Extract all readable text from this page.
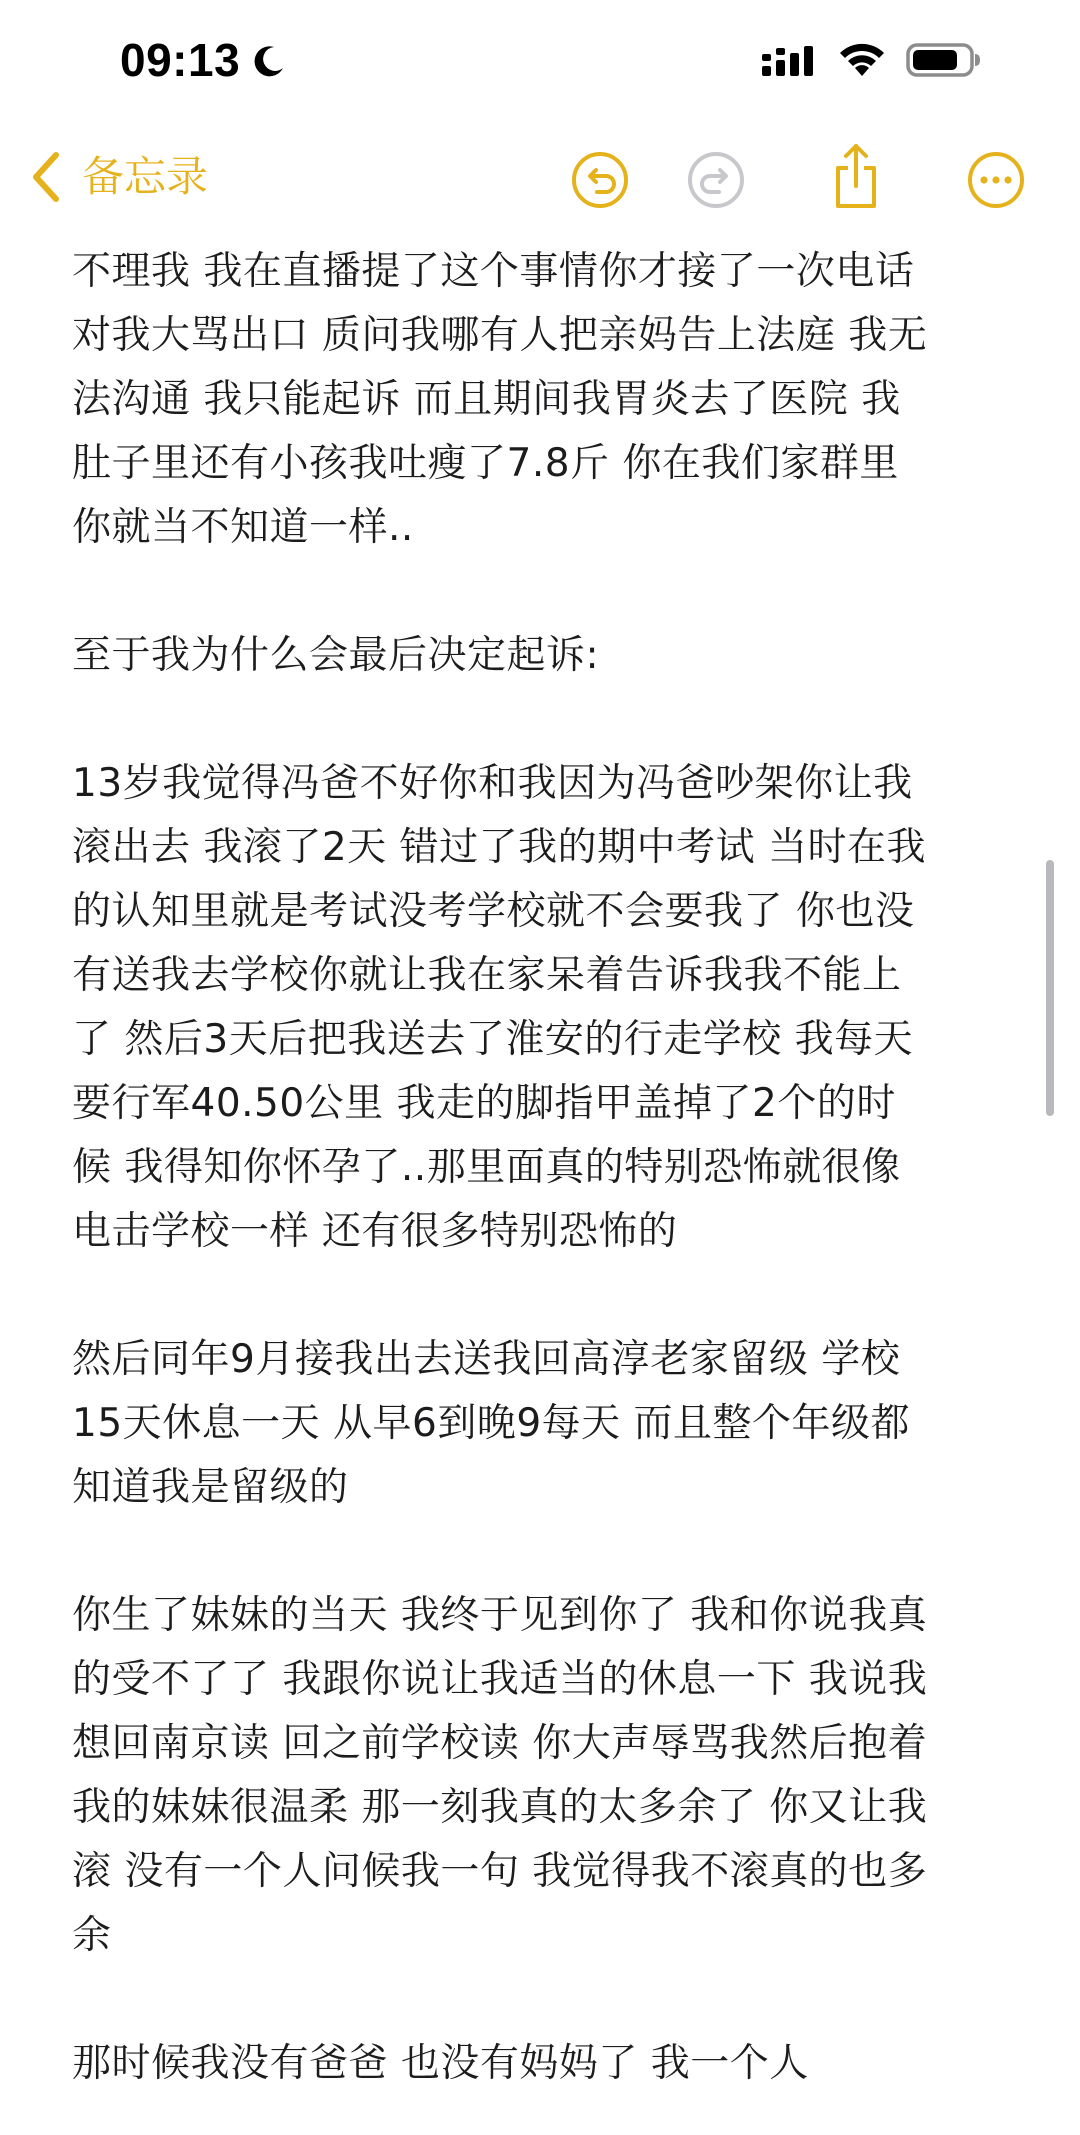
09:13
备忘录
不理我 我在直播提了这个事情你才接了一次电话
对我大骂出口 质问我哪有人把亲妈告上法庭 我无
法沟通 我只能起诉 而且期间我胃炎去了医院 我
肚子里还有小孩我吐瘦了7.8斤 你在我们家群里
你就当不知道一样..
至于我为什么会最后决定起诉:
13岁我觉得冯爸不好你和我因为冯爸吵架你让我
滚出去 我滚了2天 错过了我的期中考试 当时在我
的认知里就是考试没考学校就不会要我了 你也没
有送我去学校你就让我在家呆着告诉我我不能上
了 然后3天后把我送去了淮安的行走学校 我每天
要行军40.50公里 我走的脚指甲盖掉了2个的时
候 我得知你怀孕了..那里面真的特别恐怖就很像
电击学校一样 还有很多特别恐怖的
然后同年9月接我出去送我回高淳老家留级 学校
15天休息一天 从早6到晚9每天 而且整个年级都
知道我是留级的
你生了妹妹的当天 我终于见到你了 我和你说我真
的受不了了 我跟你说让我适当的休息一下 我说我
想回南京读 回之前学校读 你大声辱骂我然后抱着
我的妹妹很温柔 那一刻我真的太多余了 你又让我
滚 没有一个人问候我一句 我觉得我不滚真的也多
余
那时候我没有爸爸 也没有妈妈了 我一个人
